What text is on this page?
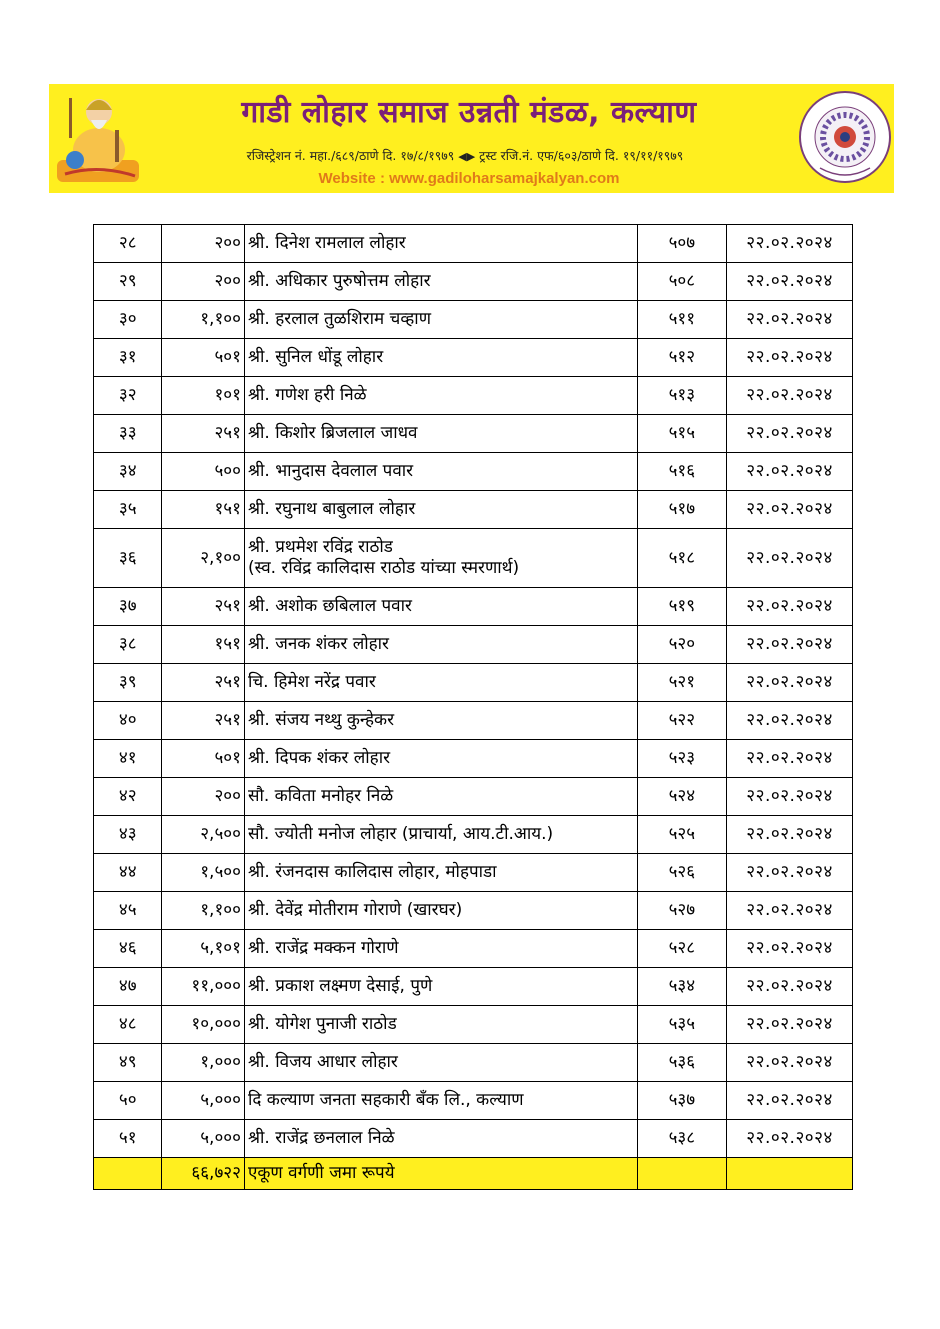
गाडी लोहार समाज उन्नती मंडळ, कल्याण
रजिस्ट्रेशन नं. महा./६८९/ठाणे दि. १७/८/१९७९ ◀▶ ट्रस्ट रजि.नं. एफ/६०३/ठाणे दि. १९/११/१९७९
Website : www.gadiloharsamajkalyan.com
२८	२००	श्री. दिनेश रामलाल लोहार	५०७	२२.०२.२०२४
२९	२००	श्री. अधिकार पुरुषोत्तम लोहार	५०८	२२.०२.२०२४
३०	१,१००	श्री. हरलाल तुळशिराम चव्हाण	५११	२२.०२.२०२४
३१	५०१	श्री. सुनिल धोंडू लोहार	५१२	२२.०२.२०२४
३२	१०१	श्री. गणेश हरी निळे	५१३	२२.०२.२०२४
३३	२५१	श्री. किशोर ब्रिजलाल जाधव	५१५	२२.०२.२०२४
३४	५००	श्री. भानुदास देवलाल पवार	५१६	२२.०२.२०२४
३५	१५१	श्री. रघुनाथ बाबुलाल लोहार	५१७	२२.०२.२०२४
३६	२,१००	श्री. प्रथमेश रविंद्र राठोड
(स्व. रविंद्र कालिदास राठोड यांच्या स्मरणार्थ)	५१८	२२.०२.२०२४
३७	२५१	श्री. अशोक छबिलाल पवार	५१९	२२.०२.२०२४
३८	१५१	श्री. जनक शंकर लोहार	५२०	२२.०२.२०२४
३९	२५१	चि. हिमेश नरेंद्र पवार	५२१	२२.०२.२०२४
४०	२५१	श्री. संजय नथ्थु कुन्हेकर	५२२	२२.०२.२०२४
४१	५०१	श्री. दिपक शंकर लोहार	५२३	२२.०२.२०२४
४२	२००	सौ. कविता मनोहर निळे	५२४	२२.०२.२०२४
४३	२,५००	सौ. ज्योती मनोज लोहार (प्राचार्या, आय.टी.आय.)	५२५	२२.०२.२०२४
४४	१,५००	श्री. रंजनदास कालिदास लोहार, मोहपाडा	५२६	२२.०२.२०२४
४५	१,१००	श्री. देवेंद्र मोतीराम गोराणे (खारघर)	५२७	२२.०२.२०२४
४६	५,१०१	श्री. राजेंद्र मक्कन गोराणे	५२८	२२.०२.२०२४
४७	११,०००	श्री. प्रकाश लक्ष्मण देसाई, पुणे	५३४	२२.०२.२०२४
४८	१०,०००	श्री. योगेश पुनाजी राठोड	५३५	२२.०२.२०२४
४९	१,०००	श्री. विजय आधार लोहार	५३६	२२.०२.२०२४
५०	५,०००	दि कल्याण जनता सहकारी बँक लि., कल्याण	५३७	२२.०२.२०२४
५१	५,०००	श्री. राजेंद्र छनलाल निळे	५३८	२२.०२.२०२४
	६६,७२२	एकूण वर्गणी जमा रूपये		
